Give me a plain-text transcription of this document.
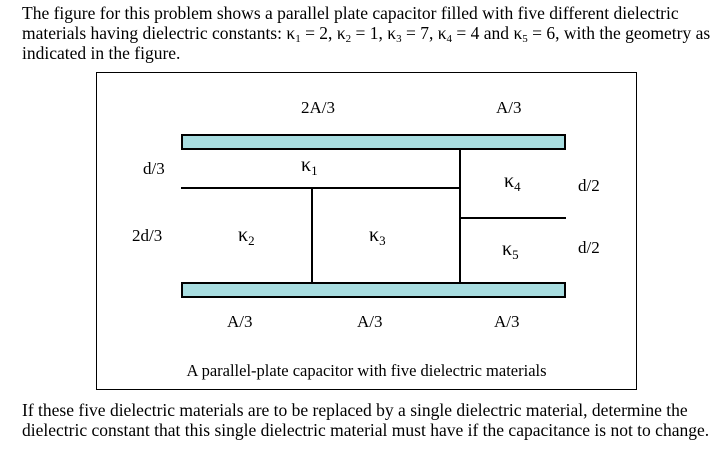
The figure for this problem shows a parallel plate capacitor filled with five different dielectric materials having dielectric constants: $\kappa_1 = 2$, $\kappa_2 = 1$, $\kappa_3 = 7$, $\kappa_4 = 4$ and $\kappa_5 = 6$, with the geometry as indicated in the figure.

2A/3	A/3
d/3
2d/3
d/2
d/2
$\kappa_1$
$\kappa_2$	$\kappa_3$
$\kappa_4$
$\kappa_5$
A/3	A/3	A/3
A parallel-plate capacitor with five dielectric materials

If these five dielectric materials are to be replaced by a single dielectric material, determine the dielectric constant that this single dielectric material must have if the capacitance is not to change.
